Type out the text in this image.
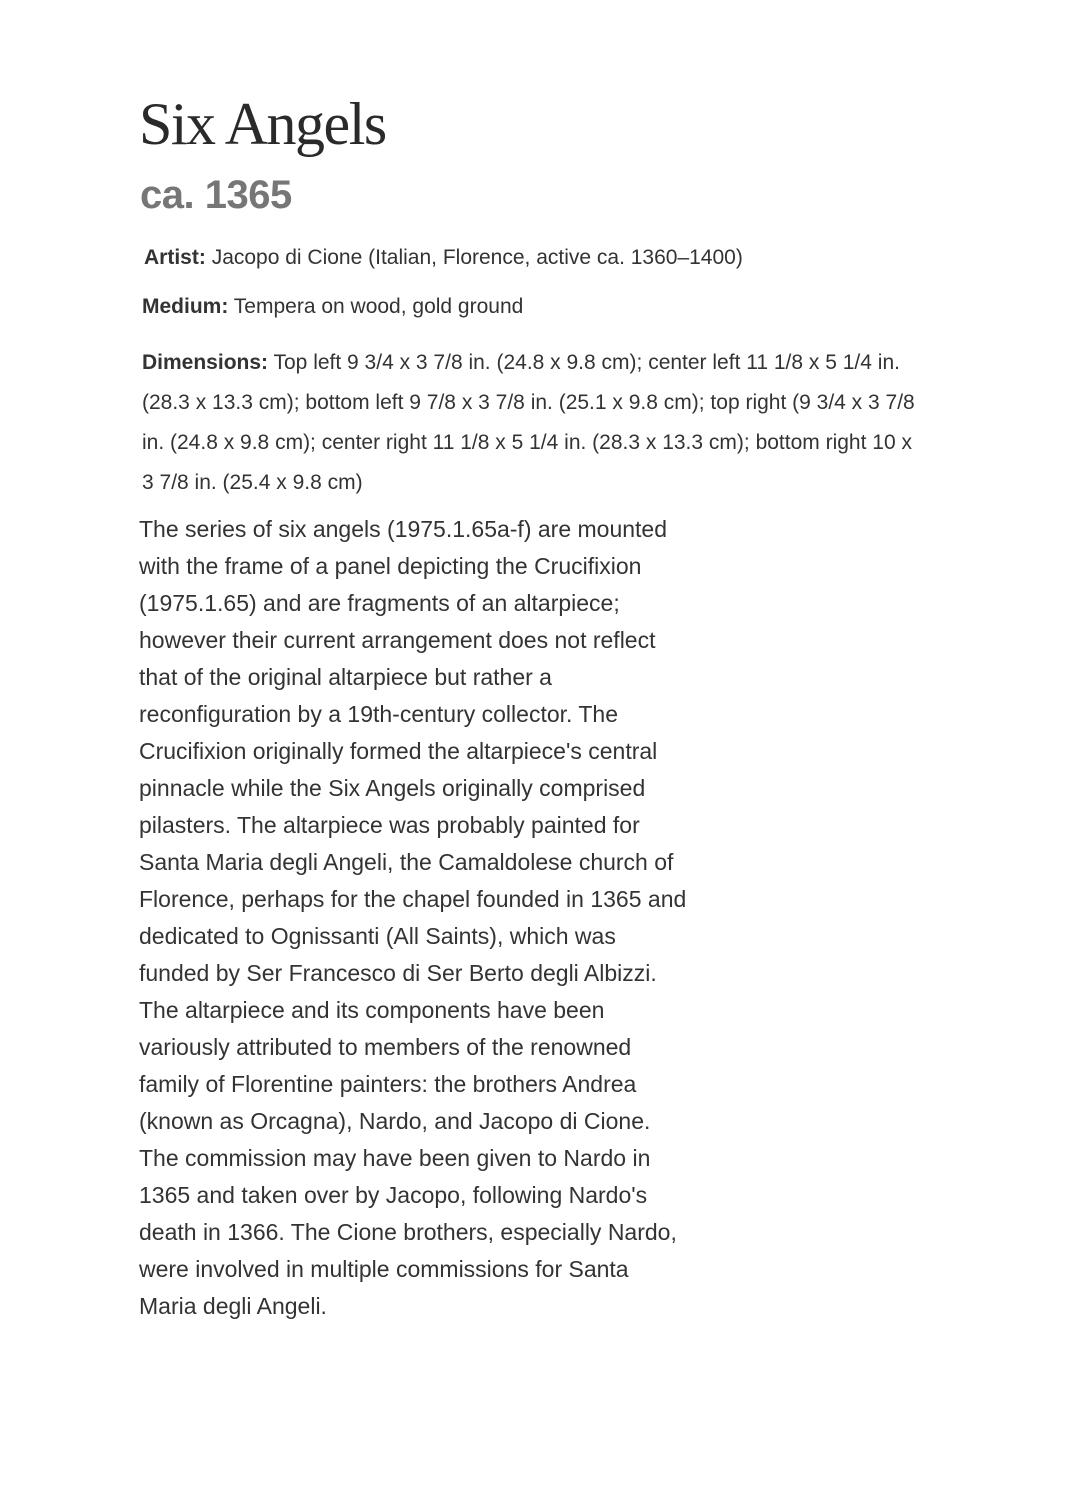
Six Angels
ca. 1365

Artist: Jacopo di Cione (Italian, Florence, active ca. 1360–1400)

Medium: Tempera on wood, gold ground

Dimensions: Top left 9 3/4 x 3 7/8 in. (24.8 x 9.8 cm); center left 11 1/8 x 5 1/4 in. (28.3 x 13.3 cm); bottom left 9 7/8 x 3 7/8 in. (25.1 x 9.8 cm); top right (9 3/4 x 3 7/8 in. (24.8 x 9.8 cm); center right 11 1/8 x 5 1/4 in. (28.3 x 13.3 cm); bottom right 10 x 3 7/8 in. (25.4 x 9.8 cm)

The series of six angels (1975.1.65a-f) are mounted with the frame of a panel depicting the Crucifixion (1975.1.65) and are fragments of an altarpiece; however their current arrangement does not reflect that of the original altarpiece but rather a reconfiguration by a 19th-century collector. The Crucifixion originally formed the altarpiece's central pinnacle while the Six Angels originally comprised pilasters. The altarpiece was probably painted for Santa Maria degli Angeli, the Camaldolese church of Florence, perhaps for the chapel founded in 1365 and dedicated to Ognissanti (All Saints), which was funded by Ser Francesco di Ser Berto degli Albizzi. The altarpiece and its components have been variously attributed to members of the renowned family of Florentine painters: the brothers Andrea (known as Orcagna), Nardo, and Jacopo di Cione. The commission may have been given to Nardo in 1365 and taken over by Jacopo, following Nardo's death in 1366. The Cione brothers, especially Nardo, were involved in multiple commissions for Santa Maria degli Angeli.
